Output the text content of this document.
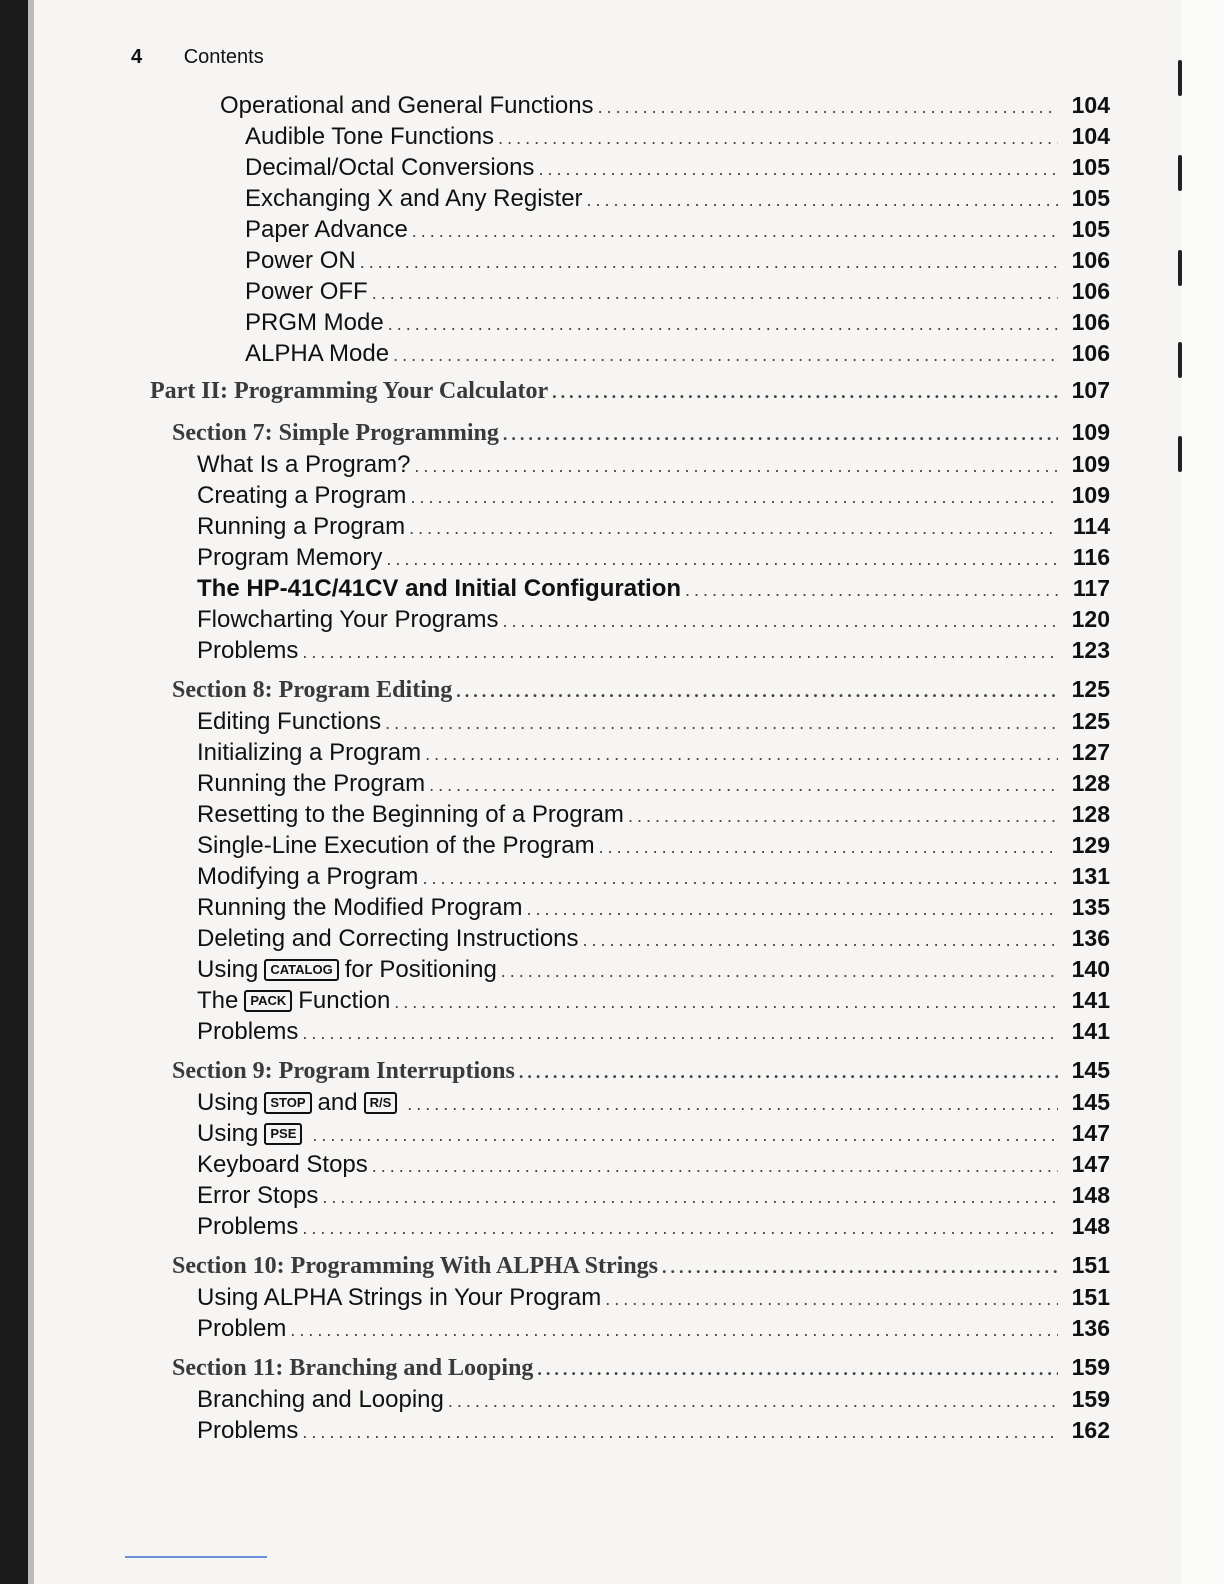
4 Contents
Operational and General Functions .....	104
Audible Tone Functions .....	104
Decimal/Octal Conversions .....	105
Exchanging X and Any Register .....	105
Paper Advance .....	105
Power ON .....	106
Power OFF .....	106
PRGM Mode .....	106
ALPHA Mode .....	106
Part II: Programming Your Calculator .....	107
Section 7: Simple Programming .....	109
What Is a Program? .....	109
Creating a Program .....	109
Running a Program .....	114
Program Memory .....	116
The HP-41C/41CV and Initial Configuration .....	117
Flowcharting Your Programs .....	120
Problems .....	123
Section 8: Program Editing .....	125
Editing Functions .....	125
Initializing a Program .....	127
Running the Program .....	128
Resetting to the Beginning of a Program .....	128
Single-Line Execution of the Program .....	129
Modifying a Program .....	131
Running the Modified Program .....	135
Deleting and Correcting Instructions .....	136
Using CATALOG for Positioning .....	140
The PACK Function .....	141
Problems .....	141
Section 9: Program Interruptions .....	145
Using STOP and R/S .....	145
Using PSE .....	147
Keyboard Stops .....	147
Error Stops .....	148
Problems .....	148
Section 10: Programming With ALPHA Strings .....	151
Using ALPHA Strings in Your Program .....	151
Problem .....	136
Section 11: Branching and Looping .....	159
Branching and Looping .....	159
Problems .....	162
